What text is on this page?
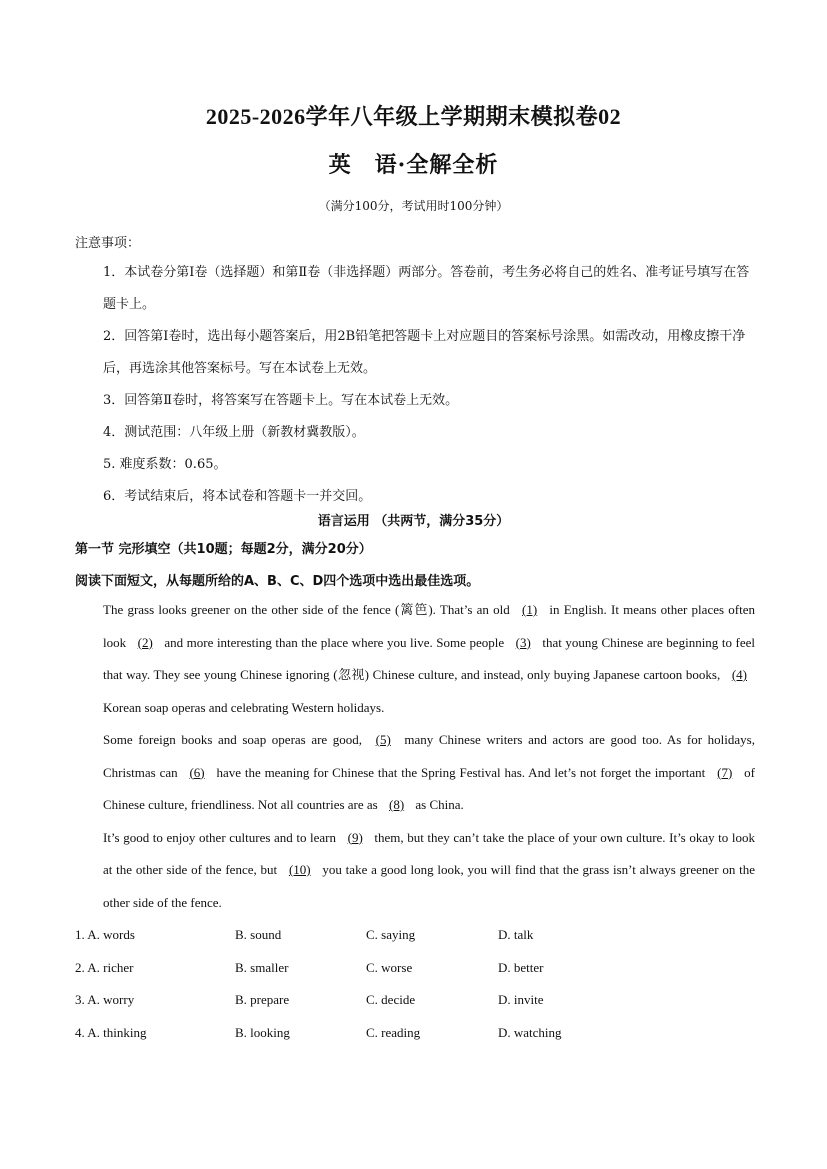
2025-2026学年八年级上学期期末模拟卷02
英　语·全解全析
（满分100分，考试用时100分钟）
注意事项：
1．本试卷分第Ⅰ卷（选择题）和第Ⅱ卷（非选择题）两部分。答卷前，考生务必将自己的姓名、准考证号填写在答题卡上。
2．回答第Ⅰ卷时，选出每小题答案后，用2B铅笔把答题卡上对应题目的答案标号涂黑。如需改动，用橡皮擦干净后，再选涂其他答案标号。写在本试卷上无效。
3．回答第Ⅱ卷时，将答案写在答题卡上。写在本试卷上无效。
4．测试范围：八年级上册（新教材冀教版）。
5. 难度系数：0.65。
6．考试结束后，将本试卷和答题卡一并交回。
语言运用 （共两节，满分35分）
第一节 完形填空（共10题；每题2分，满分20分）
阅读下面短文，从每题所给的A、B、C、D四个选项中选出最佳选项。
The grass looks greener on the other side of the fence (篱笆). That’s an old (1) in English. It means other places often look (2) and more interesting than the place where you live. Some people (3) that young Chinese are beginning to feel that way. They see young Chinese ignoring (忽视) Chinese culture, and instead, only buying Japanese cartoon books, (4) Korean soap operas and celebrating Western holidays.
Some foreign books and soap operas are good, (5) many Chinese writers and actors are good too. As for holidays, Christmas can (6) have the meaning for Chinese that the Spring Festival has. And let’s not forget the important (7) of Chinese culture, friendliness. Not all countries are as (8) as China.
It’s good to enjoy other cultures and to learn (9) them, but they can’t take the place of your own culture. It’s okay to look at the other side of the fence, but (10) you take a good long look, you will find that the grass isn’t always greener on the other side of the fence.
1. A. words	B. sound	C. saying	D. talk
2. A. richer	B. smaller	C. worse	D. better
3. A. worry	B. prepare	C. decide	D. invite
4. A. thinking	B. looking	C. reading	D. watching
